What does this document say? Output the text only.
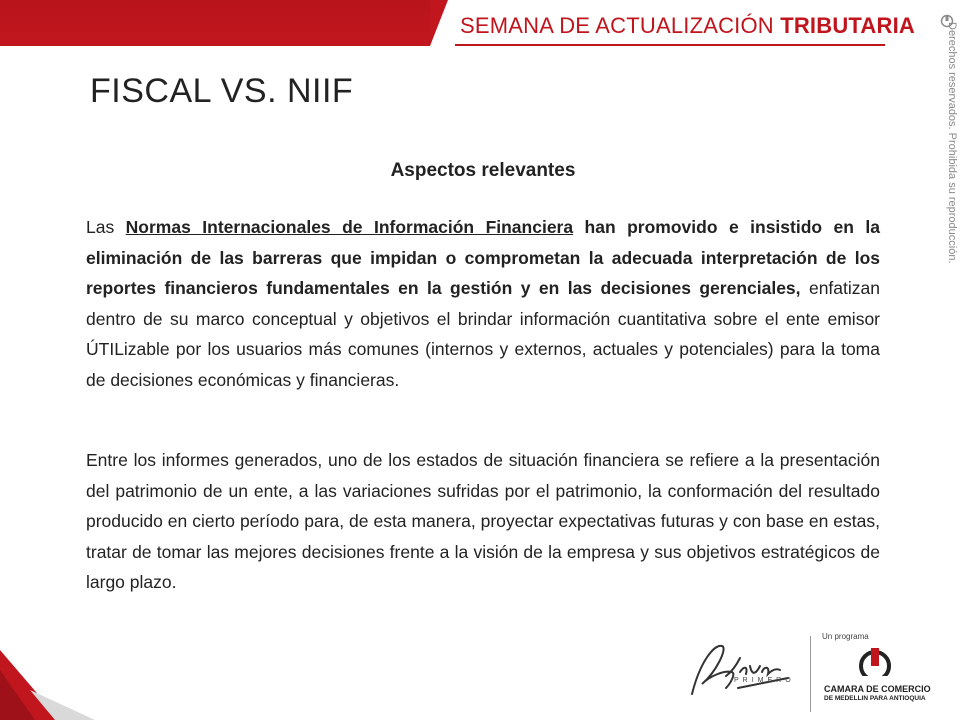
SEMANA DE ACTUALIZACIÓN TRIBUTARIA	Derechos reservados. Prohibida su reproducción.
FISCAL VS. NIIF
Aspectos relevantes
Las Normas Internacionales de Información Financiera han promovido e insistido en la eliminación de las barreras que impidan o comprometan la adecuada interpretación de los reportes financieros fundamentales en la gestión y en las decisiones gerenciales, enfatizan dentro de su marco conceptual y objetivos el brindar información cuantitativa sobre el ente emisor ÚTILizable por los usuarios más comunes (internos y externos, actuales y potenciales) para la toma de decisiones económicas y financieras.
Entre los informes generados, uno de los estados de situación financiera se refiere a la presentación del patrimonio de un ente, a las variaciones sufridas por el patrimonio, la conformación del resultado producido en cierto período para, de esta manera, proyectar expectativas futuras y con base en estas, tratar de tomar las mejores decisiones frente a la visión de la empresa y sus objetivos estratégicos de largo plazo.
PRIMERO
Un programa
CAMARA DE COMERCIO
DE MEDELLIN PARA ANTIOQUIA
